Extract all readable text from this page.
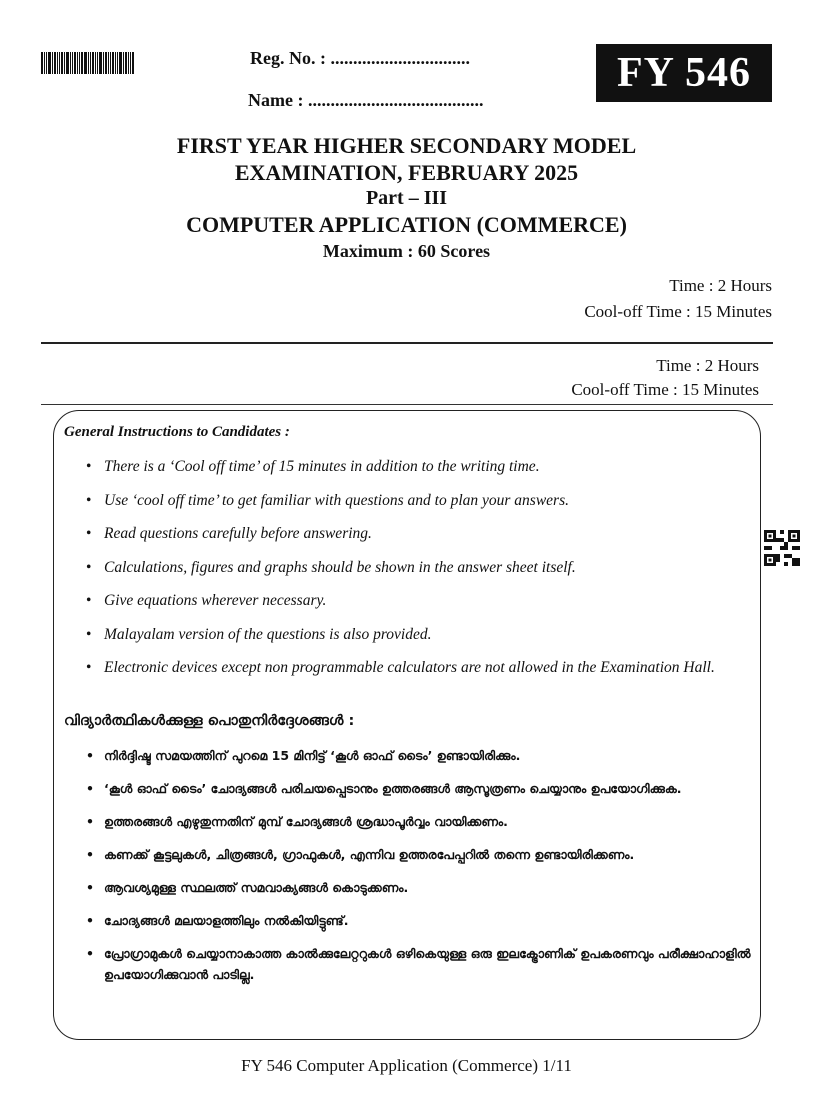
Reg. No. : ...............................
Name : .......................................
FY 546
FIRST YEAR HIGHER SECONDARY MODEL
EXAMINATION, FEBRUARY 2025
Part – III
COMPUTER APPLICATION (COMMERCE)
Maximum : 60 Scores
Time : 2 Hours
Cool-off Time : 15 Minutes
Time : 2 Hours
Cool-off Time : 15 Minutes
General Instructions to Candidates :
• There is a ‘Cool off time’ of 15 minutes in addition to the writing time.
• Use ‘cool off time’ to get familiar with questions and to plan your answers.
• Read questions carefully before answering.
• Calculations, figures and graphs should be shown in the answer sheet itself.
• Give equations wherever necessary.
• Malayalam version of the questions is also provided.
• Electronic devices except non programmable calculators are not allowed in the Examination Hall.
വിദ്യാർത്ഥികൾക്കുള്ള പൊതുനിർദ്ദേശങ്ങൾ :
• നിർദ്ദിഷ്ട സമയത്തിന് പുറമെ 15 മിനിട്ട് ‘കൂൾ ഓഫ് ടൈം’ ഉണ്ടായിരിക്കും.
• ‘കൂൾ ഓഫ് ടൈം’ ചോദ്യങ്ങൾ പരിചയപ്പെടാനും ഉത്തരങ്ങൾ ആസൂത്രണം ചെയ്യാനും ഉപയോഗിക്കുക.
• ഉത്തരങ്ങൾ എഴുതുന്നതിന് മുമ്പ് ചോദ്യങ്ങൾ ശ്രദ്ധാപൂർവ്വം വായിക്കണം.
• കണക്ക് കൂട്ടലുകൾ, ചിത്രങ്ങൾ, ഗ്രാഫുകൾ, എന്നിവ ഉത്തരപേപ്പറിൽ തന്നെ ഉണ്ടായിരിക്കണം.
• ആവശ്യമുള്ള സ്ഥലത്ത് സമവാക്യങ്ങൾ കൊടുക്കണം.
• ചോദ്യങ്ങൾ മലയാളത്തിലും നൽകിയിട്ടുണ്ട്.
• പ്രോഗ്രാമുകൾ ചെയ്യാനാകാത്ത കാൽക്കുലേറ്ററുകൾ ഒഴികെയുള്ള ഒരു ഇലക്ട്രോണിക് ഉപകരണവും പരീക്ഷാഹാളിൽ ഉപയോഗിക്കുവാൻ പാടില്ല.
FY 546 Computer Application (Commerce) 1/11
